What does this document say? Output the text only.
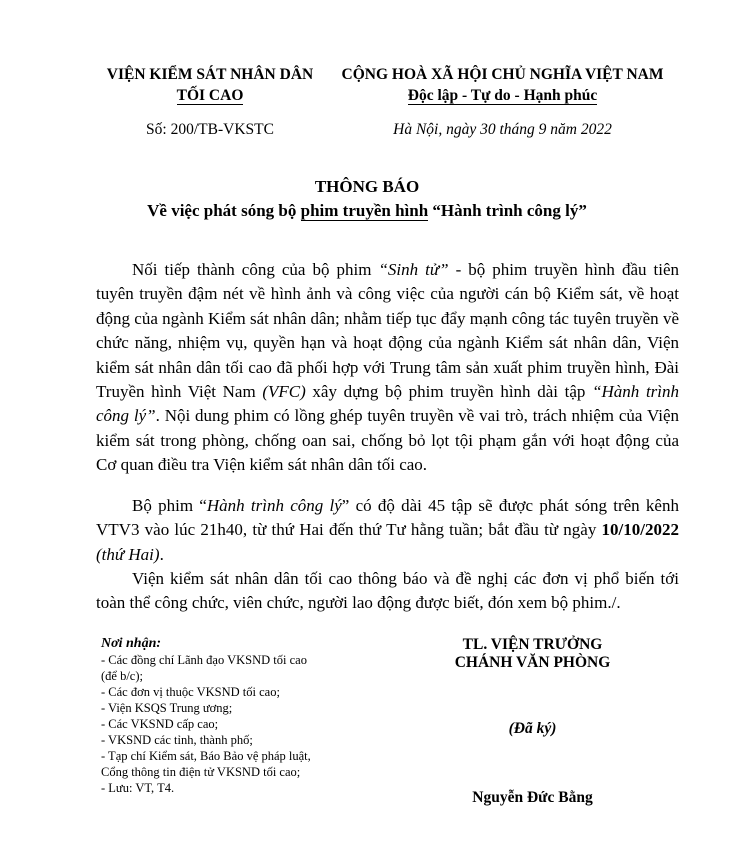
VIỆN KIỂM SÁT NHÂN DÂN
TỐI CAO
CỘNG HOÀ XÃ HỘI CHỦ NGHĨA VIỆT NAM
Độc lập - Tự do - Hạnh phúc
Số: 200/TB-VKSTC	Hà Nội, ngày 30 tháng 9 năm 2022
THÔNG BÁO
Về việc phát sóng bộ phim truyền hình “Hành trình công lý”
Nối tiếp thành công của bộ phim “Sinh tử” - bộ phim truyền hình đầu tiên tuyên truyền đậm nét về hình ảnh và công việc của người cán bộ Kiểm sát, về hoạt động của ngành Kiểm sát nhân dân; nhằm tiếp tục đẩy mạnh công tác tuyên truyền về chức năng, nhiệm vụ, quyền hạn và hoạt động của ngành Kiểm sát nhân dân, Viện kiểm sát nhân dân tối cao đã phối hợp với Trung tâm sản xuất phim truyền hình, Đài Truyền hình Việt Nam (VFC) xây dựng bộ phim truyền hình dài tập “Hành trình công lý”. Nội dung phim có lồng ghép tuyên truyền về vai trò, trách nhiệm của Viện kiểm sát trong phòng, chống oan sai, chống bỏ lọt tội phạm gắn với hoạt động của Cơ quan điều tra Viện kiểm sát nhân dân tối cao.
Bộ phim “Hành trình công lý” có độ dài 45 tập sẽ được phát sóng trên kênh VTV3 vào lúc 21h40, từ thứ Hai đến thứ Tư hằng tuần; bắt đầu từ ngày 10/10/2022 (thứ Hai).
Viện kiểm sát nhân dân tối cao thông báo và đề nghị các đơn vị phổ biến tới toàn thể công chức, viên chức, người lao động được biết, đón xem bộ phim./.
Nơi nhận:
- Các đồng chí Lãnh đạo VKSND tối cao (để b/c);
- Các đơn vị thuộc VKSND tối cao;
- Viện KSQS Trung ương;
- Các VKSND cấp cao;
- VKSND các tỉnh, thành phố;
- Tạp chí Kiểm sát, Báo Bảo vệ pháp luật, Cổng thông tin điện tử VKSND tối cao;
- Lưu: VT, T4.
TL. VIỆN TRƯỞNG
CHÁNH VĂN PHÒNG
(Đã ký)
Nguyễn Đức Bằng
